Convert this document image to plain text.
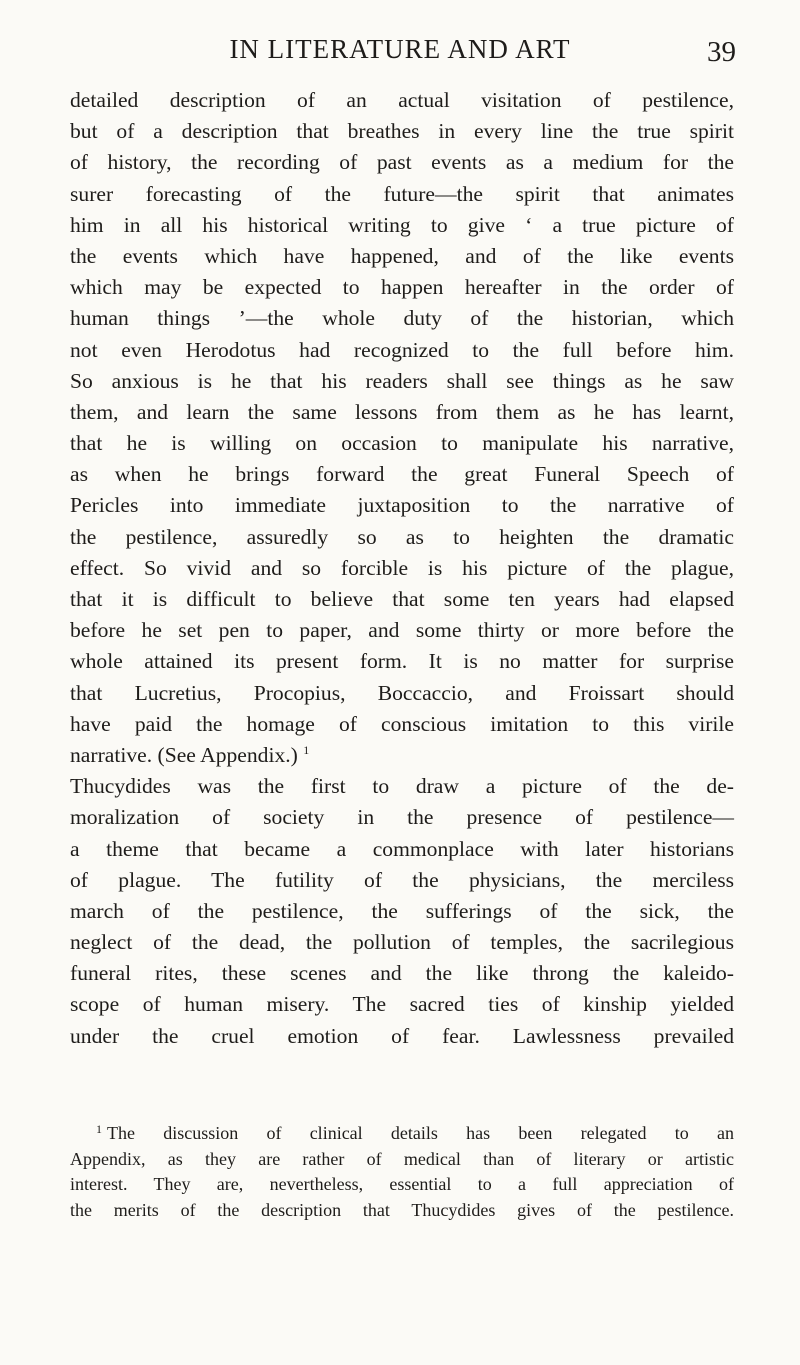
IN LITERATURE AND ART	39
detailed description of an actual visitation of pestilence,
but of a description that breathes in every line the true spirit
of history, the recording of past events as a medium for the
surer forecasting of the future—the spirit that animates
him in all his historical writing to give ‘ a true picture of
the events which have happened, and of the like events
which may be expected to happen hereafter in the order of
human things ’—the whole duty of the historian, which
not even Herodotus had recognized to the full before him.
So anxious is he that his readers shall see things as he saw
them, and learn the same lessons from them as he has learnt,
that he is willing on occasion to manipulate his narrative,
as when he brings forward the great Funeral Speech of
Pericles into immediate juxtaposition to the narrative of
the pestilence, assuredly so as to heighten the dramatic
effect. So vivid and so forcible is his picture of the plague,
that it is difficult to believe that some ten years had elapsed
before he set pen to paper, and some thirty or more before the
whole attained its present form. It is no matter for surprise
that Lucretius, Procopius, Boccaccio, and Froissart should
have paid the homage of conscious imitation to this virile
narrative. (See Appendix.) $^1$
Thucydides was the first to draw a picture of the de-
moralization of society in the presence of pestilence—
a theme that became a commonplace with later historians
of plague. The futility of the physicians, the merciless
march of the pestilence, the sufferings of the sick, the
neglect of the dead, the pollution of temples, the sacrilegious
funeral rites, these scenes and the like throng the kaleido-
scope of human misery. The sacred ties of kinship yielded
under the cruel emotion of fear. Lawlessness prevailed
$^1$ The discussion of clinical details has been relegated to an
Appendix, as they are rather of medical than of literary or artistic
interest. They are, nevertheless, essential to a full appreciation of
the merits of the description that Thucydides gives of the pestilence.
